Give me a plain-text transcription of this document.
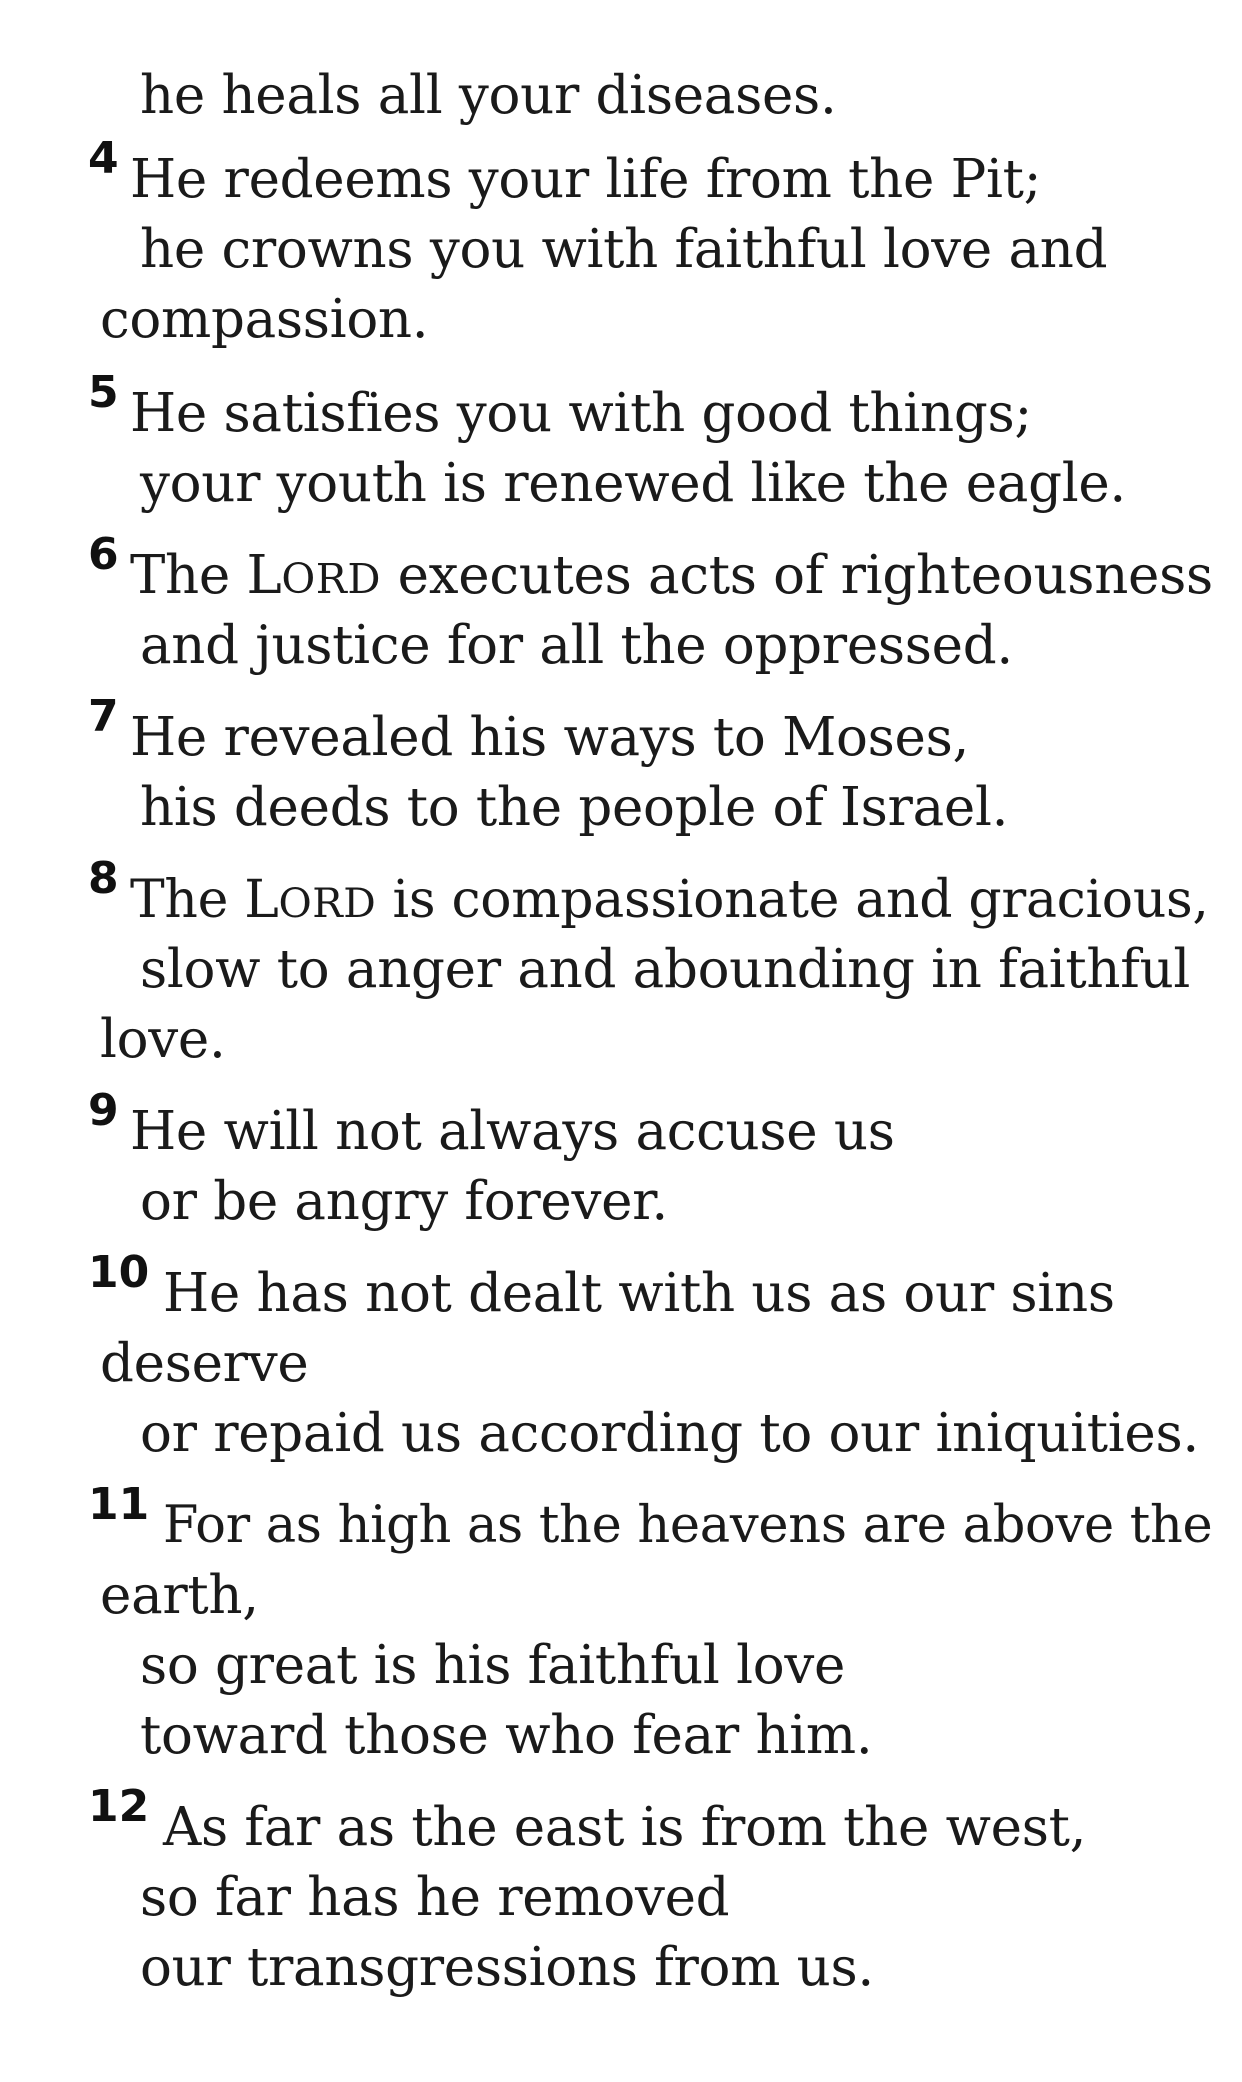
he heals all your diseases.
4 He redeems your life from the Pit;
he crowns you with faithful love and
compassion.
5 He satisfies you with good things;
your youth is renewed like the eagle.
6 The LORD executes acts of righteousness
and justice for all the oppressed.
7 He revealed his ways to Moses,
his deeds to the people of Israel.
8 The LORD is compassionate and gracious,
slow to anger and abounding in faithful
love.
9 He will not always accuse us
or be angry forever.
10 He has not dealt with us as our sins
deserve
or repaid us according to our iniquities.
11 For as high as the heavens are above the
earth,
so great is his faithful love
toward those who fear him.
12 As far as the east is from the west,
so far has he removed
our transgressions from us.
